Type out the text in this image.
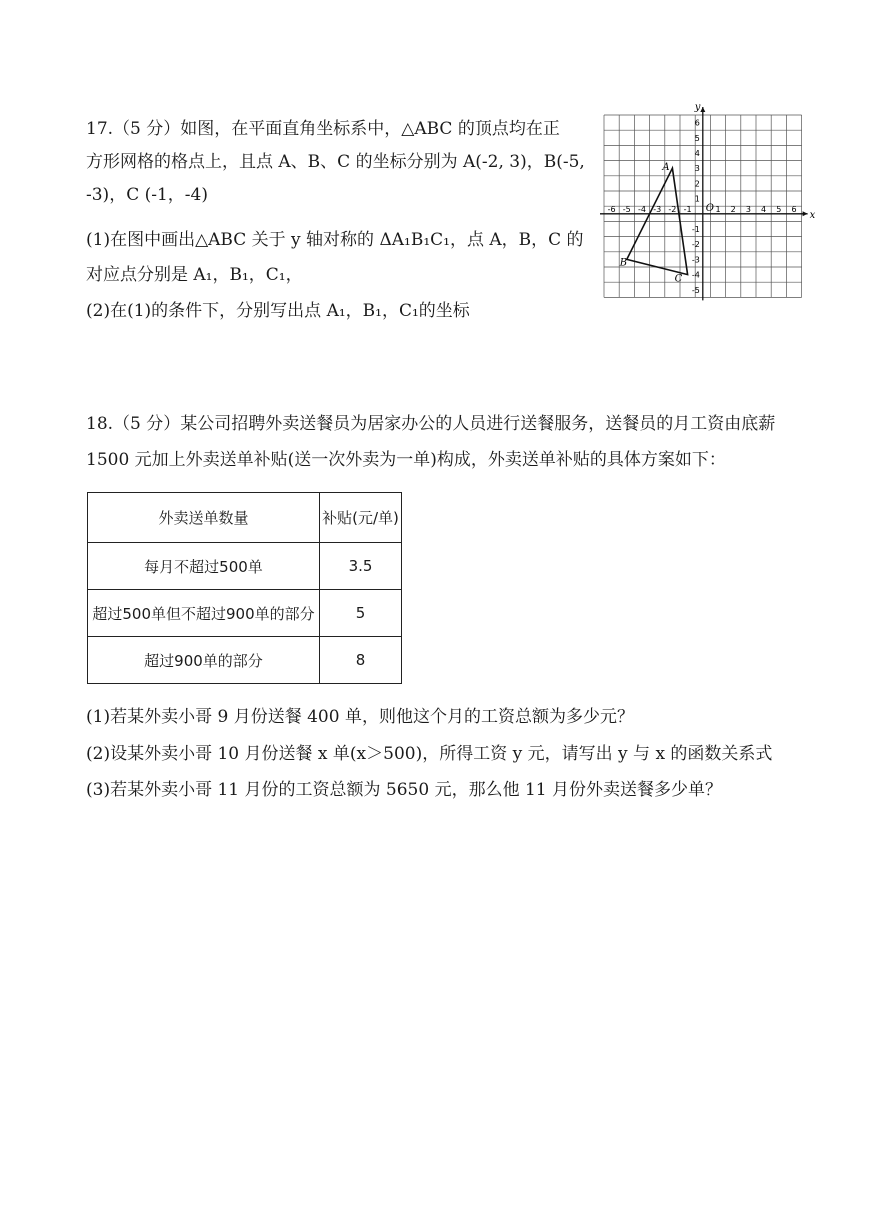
17.（5 分）如图，在平面直角坐标系中，△ABC 的顶点均在正
方形网格的格点上，且点 A、B、C 的坐标分别为 A(-2, 3)，B(-5,
-3)，C (-1，-4)
(1)在图中画出△ABC 关于 y 轴对称的 ΔA₁B₁C₁，点 A，B，C 的
对应点分别是 A₁，B₁，C₁，
(2)在(1)的条件下，分别写出点 A₁，B₁，C₁的坐标
x
y
O
-6 -5 -4 -3 -2 -1	1 2 3 4 5 6
6
5
4
3
2
1
-1
-2
-3
-4
-5
A
B
C
18.（5 分）某公司招聘外卖送餐员为居家办公的人员进行送餐服务，送餐员的月工资由底薪
1500 元加上外卖送单补贴(送一次外卖为一单)构成，外卖送单补贴的具体方案如下：
外卖送单数量	补贴(元/单)
每月不超过500单	3.5
超过500单但不超过900单的部分	5
超过900单的部分	8
(1)若某外卖小哥 9 月份送餐 400 单，则他这个月的工资总额为多少元？
(2)设某外卖小哥 10 月份送餐 x 单(x＞500)，所得工资 y 元，请写出 y 与 x 的函数关系式
(3)若某外卖小哥 11 月份的工资总额为 5650 元，那么他 11 月份外卖送餐多少单？
